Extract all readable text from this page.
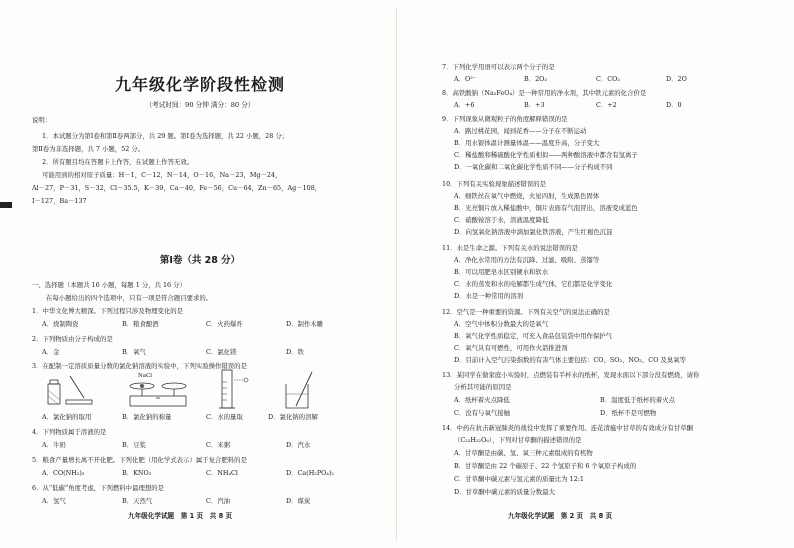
九年级化学阶段性检测
（考试时间：90 分钟 满分：80 分）
说明：
1．本试题分为第Ⅰ卷和第Ⅱ卷两部分，共 29 题。第Ⅰ卷为选择题，共 22 小题，28 分；
第Ⅱ卷为非选择题，共 7 小题，52 分。
2．所有题目均在答题卡上作答，在试题上作答无效。
可能用到的相对原子质量：H－1，C－12，N－14，O－16，Na－23，Mg－24，
Al－27，P－31，S－32，Cl－35.5，K－39，Ca－40，Fe－56，Cu－64，Zn－65，Ag－108，
I－127，Ba－137
第Ⅰ卷（共 28 分）
一、选择题（本题共 16 小题，每题 1 分，共 16 分）
在每小题给出的四个选项中，只有一项是符合题目要求的。
1．中华文化博大精深。下列过程只涉及物理变化的是
A．烧制陶瓷	B．粮食酿酒	C．火药爆炸	D．制作木雕
2．下列物质由分子构成的是
A．金	B．氧气	C．氯化镁	D．铁
3．在配制一定溶质质量分数的氯化钠溶液的实验中，下列实验操作错误的是
NaCl
A．氯化钠的取用	B．氯化钠的称量	C．水的量取	D．氯化钠的溶解
4．下列物质属于溶液的是
A．牛奶	B．豆浆	C．米粥	D．汽水
5．粮食产量增长离不开化肥。下列化肥（用化学式表示）属于复合肥料的是
A．CO(NH₂)₂	B．KNO₃	C．NH₄Cl	D．Ca(H₂PO₄)₂
6．从“低碳”角度考虑，下列燃料中最理想的是
A．氢气	B．天然气	C．汽油	D．煤炭
九年级化学试题　第 1 页　共 8 页
7．下列化学用语可以表示两个分子的是
A．O²⁻	B．2O₂	C．CO₂	D．2O
8．高铁酸钠（Na₂FeO₄）是一种常用的净水剂，其中铁元素的化合价是
A．+6	B．+3	C．+2	D．0
9．下列现象从微观粒子的角度解释错误的是
A．路过桃花园，闻到花香——分子在不断运动
B．用水银体温计测量体温——温度升高，分子变大
C．稀盐酸和稀硫酸化学性质相似——两种酸溶液中都含有氢离子
D．一氧化碳和二氧化碳化学性质不同——分子构成不同
10．下列有关实验现象描述错误的是
A．细铁丝在氧气中燃烧，火星四射，生成黑色固体
B．光亮铜片放入稀盐酸中，铜片表面有气泡冒出，溶液变成蓝色
C．硝酸铵溶于水，溶液温度降低
D．向氢氧化钠溶液中滴加氯化铁溶液，产生红褐色沉淀
11．水是生命之源。下列有关水的说法错误的是
A．净化水常用的方法有沉降、过滤、吸附、蒸馏等
B．可以用肥皂水区别硬水和软水
C．水的蒸发和水的电解都生成气体，它们都是化学变化
D．水是一种常用的溶剂
12．空气是一种重要的资源。下列有关空气的说法正确的是
A．空气中体积分数最大的是氧气
B．氧气化学性质稳定，可充入食品包装袋中用作保护气
C．氧气具有可燃性，可用作火箭推进剂
D．目前计入空气污染指数的有害气体主要包括：CO、SO₂、NO₂、CO 及臭氧等
13．某同学在做家庭小实验时，点燃装有半杯水的纸杯，发现水面以下部分没有燃烧，请你
分析其可能的原因是
A．纸杯着火点降低	B．温度低于纸杯的着火点
C．没有与氧气接触	D．纸杯不是可燃物
14．中药在抗击新冠肺炎的战役中发挥了重要作用。连花清瘟中甘草的有效成分有甘草酮
（C₂₂H₂₂O₆），下列对甘草酮的描述错误的是
A．甘草酮是由碳、氢、氧三种元素组成的有机物
B．甘草酮是由 22 个碳原子、22 个氢原子和 6 个氧原子构成的
C．甘草酮中碳元素与氢元素的质量比为 12:1
D．甘草酮中碳元素的质量分数最大
九年级化学试题　第 2 页　共 8 页
